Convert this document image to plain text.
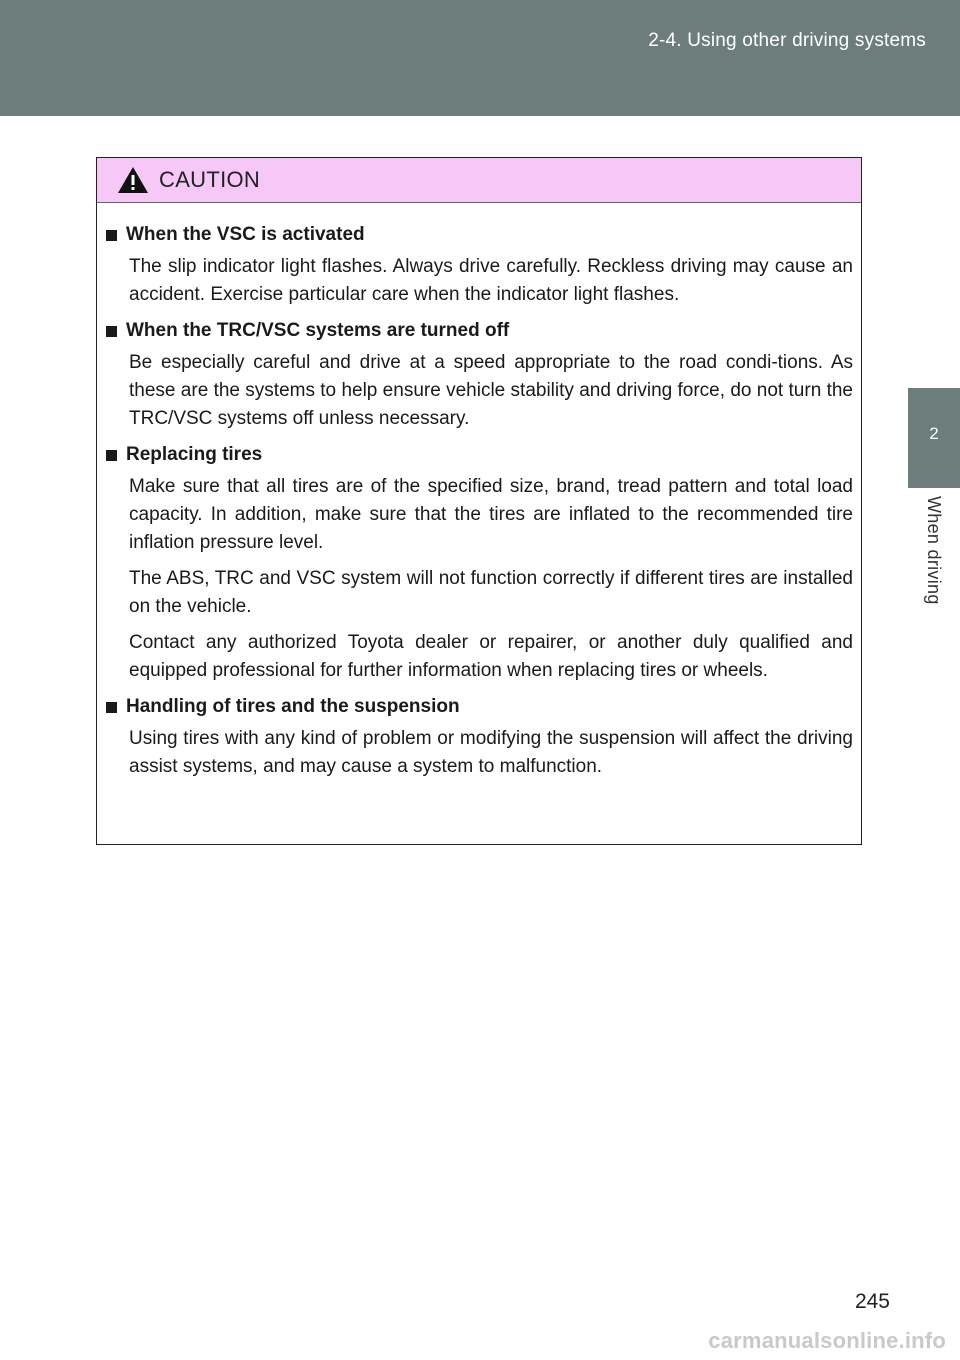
2-4. Using other driving systems
2
When driving
CAUTION
When the VSC is activated

The slip indicator light flashes. Always drive carefully. Reckless driving may cause an accident. Exercise particular care when the indicator light flashes.

When the TRC/VSC systems are turned off

Be especially careful and drive at a speed appropriate to the road condi-tions. As these are the systems to help ensure vehicle stability and driving force, do not turn the TRC/VSC systems off unless necessary.

Replacing tires

Make sure that all tires are of the specified size, brand, tread pattern and total load capacity. In addition, make sure that the tires are inflated to the recommended tire inflation pressure level.

The ABS, TRC and VSC system will not function correctly if different tires are installed on the vehicle.

Contact any authorized Toyota dealer or repairer, or another duly qualified and equipped professional for further information when replacing tires or wheels.

Handling of tires and the suspension

Using tires with any kind of problem or modifying the suspension will affect the driving assist systems, and may cause a system to malfunction.

245
carmanualsonline.info
